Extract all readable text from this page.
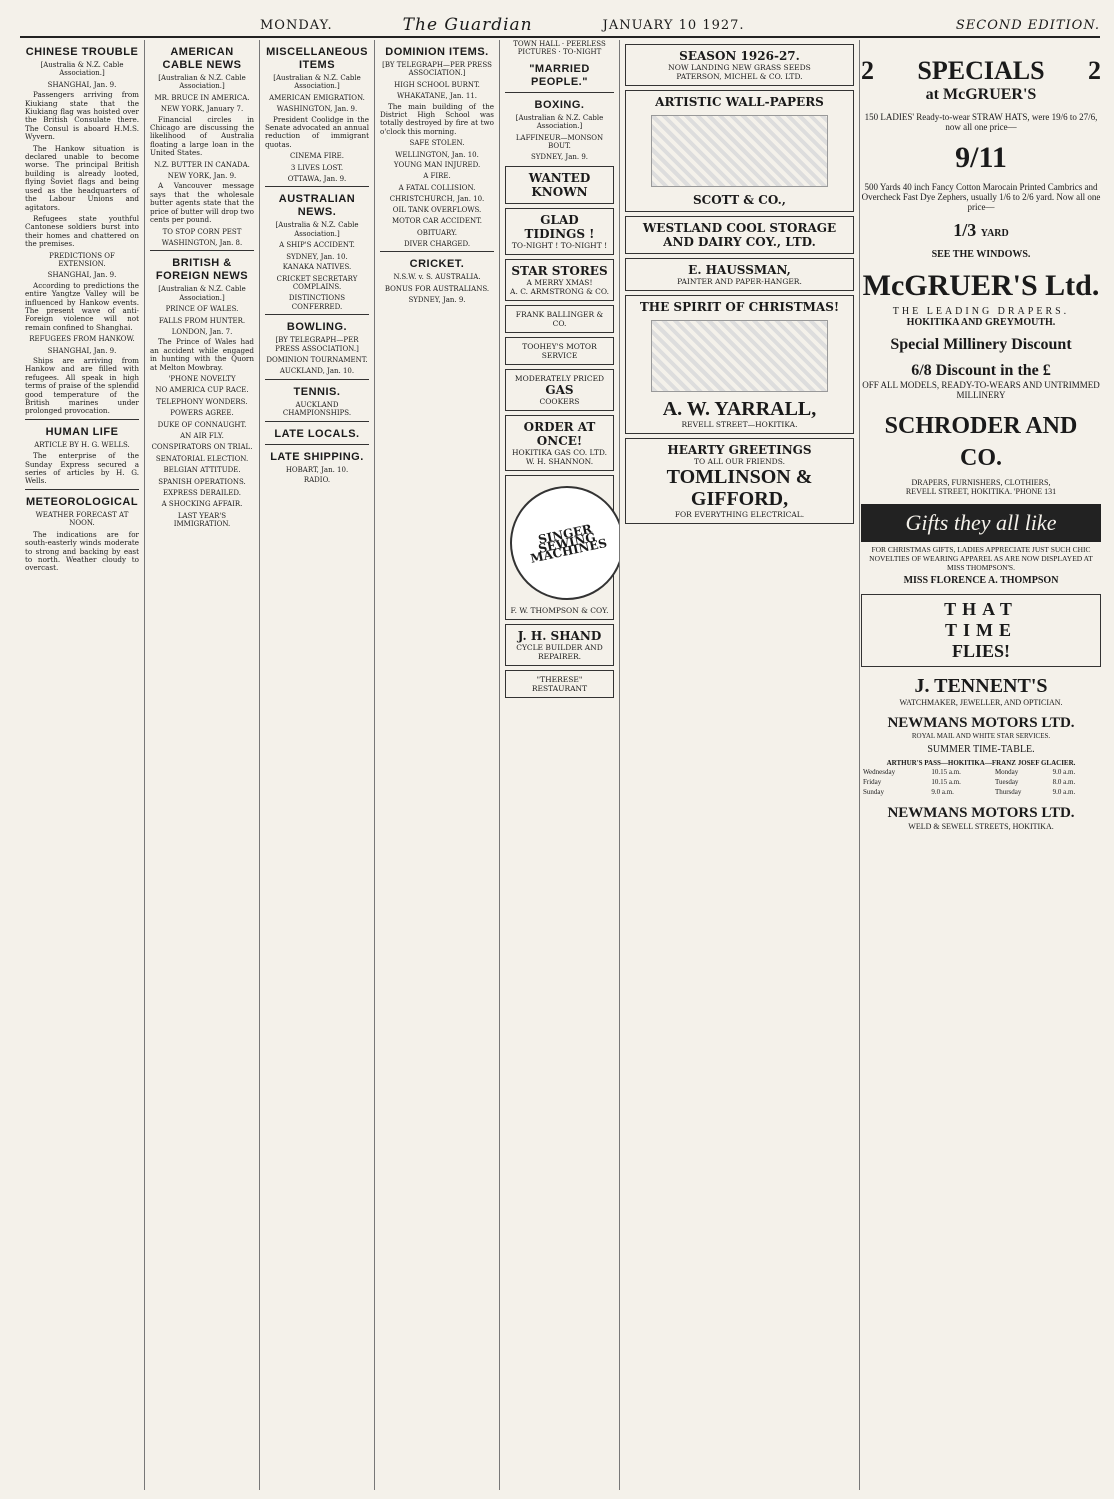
MONDAY.	The Guardian	JANUARY 10 1927.	SECOND EDITION.
CHINESE TROUBLE
[Australia & N.Z. Cable Association.]
SHANGHAI, Jan. 9.

Passengers arriving from Kiukiang state that the Kiukiang flag was hoisted over the British Consulate there. The Consul is aboard H.M.S. Wyvern.

The Hankow situation is declared unable to become worse. The principal British building is already looted, flying Soviet flags and being used as the headquarters of the Labour Unions and agitators.

Refugees state youthful Cantonese soldiers burst into their homes and chattered on the premises.

PREDICTIONS OF EXTENSION.
SHANGHAI, Jan. 9.

According to predictions the entire Yangtze Valley will be influenced by Hankow events. The present wave of anti-Foreign violence will not remain confined to Shanghai.

REFUGEES FROM HANKOW.
SHANGHAI, Jan. 9.

Ships are arriving from Hankow and are filled with refugees. All speak in high terms of praise of the splendid good temperature of the British marines under prolonged provocation.

HUMAN LIFE
ARTICLE BY H. G. WELLS.

The enterprise of the Sunday Express secured a series of articles by H. G. Wells.

METEOROLOGICAL
WEATHER FORECAST AT NOON.

The indications are for south-easterly winds moderate to strong and backing by east to north. Weather cloudy to overcast.

AMERICAN CABLE NEWS
[Australian & N.Z. Cable Association.]
MR. BRUCE IN AMERICA.
NEW YORK, January 7.

Financial circles in Chicago are discussing the likelihood of Australia floating a large loan in the United States.

N.Z. BUTTER IN CANADA.
NEW YORK, Jan. 9.

A Vancouver message says that the wholesale butter agents state that the price of butter will drop two cents per pound.

TO STOP CORN PEST
WASHINGTON, Jan. 8.
BRITISH & FOREIGN NEWS
[Australian & N.Z. Cable Association.]
PRINCE OF WALES.
FALLS FROM HUNTER.
LONDON, Jan. 7.

The Prince of Wales had an accident while engaged in hunting with the Quorn at Melton Mowbray.

'PHONE NOVELTY
NO AMERICA CUP RACE.
TELEPHONY WONDERS.
POWERS AGREE.
DUKE OF CONNAUGHT.
AN AIR FLY.
CONSPIRATORS ON TRIAL.
SENATORIAL ELECTION.
BELGIAN ATTITUDE.
SPANISH OPERATIONS.
EXPRESS DERAILED.
A SHOCKING AFFAIR.
LAST YEAR'S IMMIGRATION.
MISCELLANEOUS ITEMS
[Australian & N.Z. Cable Association.]
AMERICAN EMIGRATION.
WASHINGTON, Jan. 9.

President Coolidge in the Senate advocated an annual reduction of immigrant quotas.

CINEMA FIRE.
3 LIVES LOST.
OTTAWA, Jan. 9.
AUSTRALIAN NEWS.
[Australia & N.Z. Cable Association.]
A SHIP'S ACCIDENT.
SYDNEY, Jan. 10.
KANAKA NATIVES.
CRICKET SECRETARY COMPLAINS.
DISTINCTIONS CONFERRED.
BOWLING.
[BY TELEGRAPH—PER PRESS ASSOCIATION.]
DOMINION TOURNAMENT.
AUCKLAND, Jan. 10.
TENNIS.
AUCKLAND CHAMPIONSHIPS.
LATE LOCALS.
LATE SHIPPING.
HOBART, Jan. 10.
RADIO.
DOMINION ITEMS.
[BY TELEGRAPH—PER PRESS ASSOCIATION.]
HIGH SCHOOL BURNT.
WHAKATANE, Jan. 11.

The main building of the District High School was totally destroyed by fire at two o'clock this morning.

SAFE STOLEN.
WELLINGTON, Jan. 10.
YOUNG MAN INJURED.
A FIRE.
A FATAL COLLISION.
CHRISTCHURCH, Jan. 10.
OIL TANK OVERFLOWS.
MOTOR CAR ACCIDENT.
OBITUARY.
DIVER CHARGED.
CRICKET.
N.S.W. v. S. AUSTRALIA.
BONUS FOR AUSTRALIANS.
SYDNEY, Jan. 9.
TOWN HALL · PEERLESS PICTURES · TO-NIGHT
"MARRIED PEOPLE."
BOXING.
[Australian & N.Z. Cable Association.]
LAFFINEUR—MONSON BOUT.
SYDNEY, Jan. 9.
WANTED KNOWN
GLAD TIDINGS !
TO-NIGHT ! TO-NIGHT !
STAR STORES
A MERRY XMAS!
A. C. ARMSTRONG & CO.
FRANK BALLINGER & CO.
TOOHEY'S MOTOR SERVICE
MODERATELY PRICED
GAS
COOKERS
ORDER AT ONCE!
HOKITIKA GAS CO. LTD.
W. H. SHANNON.
SINGER SEWING MACHINES
F. W. THOMPSON & COY.
J. H. SHAND
CYCLE BUILDER AND REPAIRER.
"THERESE" RESTAURANT
SEASON 1926-27.
NOW LANDING NEW GRASS SEEDS
PATERSON, MICHEL & CO. LTD.
ARTISTIC WALL-PAPERS
SCOTT & CO.,
WESTLAND COOL STORAGE AND DAIRY COY., LTD.
E. HAUSSMAN,
PAINTER AND PAPER-HANGER.
THE SPIRIT OF CHRISTMAS!
A. W. YARRALL,
REVELL STREET—HOKITIKA.
HEARTY GREETINGS
TO ALL OUR FRIENDS.
TOMLINSON & GIFFORD,
FOR EVERYTHING ELECTRICAL.
2 SPECIALS 2
at McGRUER'S
150 LADIES' Ready-to-wear STRAW HATS, were 19/6 to 27/6, now all one price—
9/11
500 Yards 40 inch Fancy Cotton Marocain Printed Cambrics and Overcheck Fast Dye Zephers, usually 1/6 to 2/6 yard. Now all one price—
1/3 YARD
SEE THE WINDOWS.
McGRUER'S Ltd.
THE LEADING DRAPERS.
HOKITIKA AND GREYMOUTH.
Special Millinery Discount
6/8 Discount in the £
OFF ALL MODELS, READY-TO-WEARS AND UNTRIMMED MILLINERY
SCHRODER AND CO.
DRAPERS, FURNISHERS, CLOTHIERS,
REVELL STREET, HOKITIKA. 'PHONE 131
Gifts they all like
FOR CHRISTMAS GIFTS, LADIES APPRECIATE JUST SUCH CHIC NOVELTIES OF WEARING APPAREL AS ARE NOW DISPLAYED AT MISS THOMPSON'S.
MISS FLORENCE A. THOMPSON
THAT
TIME
FLIES!
J. TENNENT'S
WATCHMAKER, JEWELLER, AND OPTICIAN.
NEWMANS MOTORS LTD.
ROYAL MAIL AND WHITE STAR SERVICES.
SUMMER TIME-TABLE.
ARTHUR'S PASS—HOKITIKA—FRANZ JOSEF GLACIER.
Wednesday	10.15 a.m.	Monday	9.0 a.m.
Friday	10.15 a.m.	Tuesday	8.0 a.m.
Sunday	9.0 a.m.	Thursday	9.0 a.m.
NEWMANS MOTORS LTD.
WELD & SEWELL STREETS, HOKITIKA.
